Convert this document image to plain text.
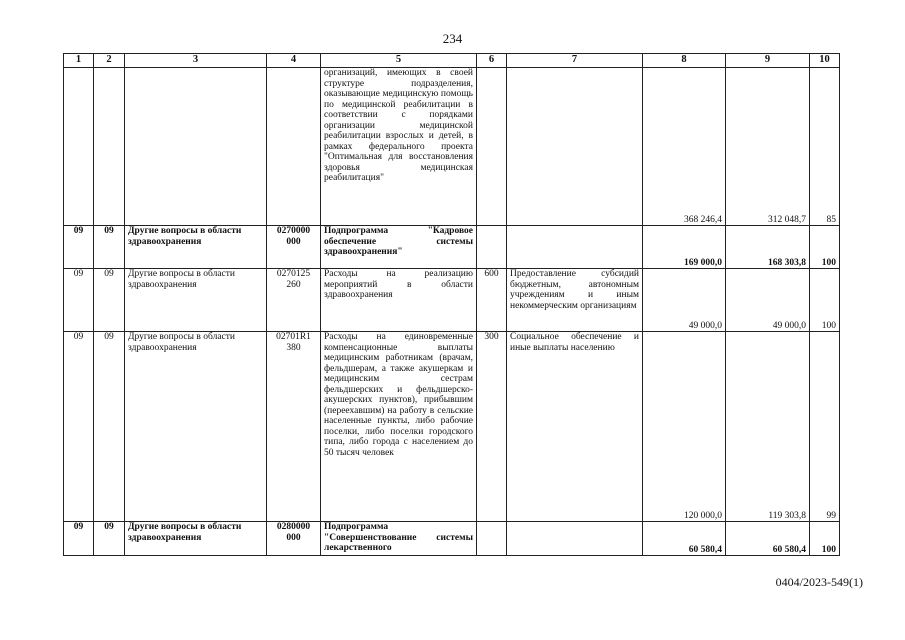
234
1	2	3	4	5	6	7	8	9	10
				организаций, имеющих в своей структуре подразделения, оказывающие медицинскую помощь по медицинской реабилитации в соответствии с порядками организации медицинской реабилитации взрослых и детей, в рамках федерального проекта "Оптимальная для восстановления здоровья медицинская реабилитация"			368 246,4	312 048,7	85
09	09	Другие вопросы в области здравоохранения	0270000 000	Подпрограмма "Кадровое обеспечение системы здравоохранения"			169 000,0	168 303,8	100
09	09	Другие вопросы в области здравоохранения	0270125 260	Расходы на реализацию мероприятий в области здравоохранения	600	Предоставление субсидий бюджетным, автономным учреждениям и иным некоммерческим организациям	49 000,0	49 000,0	100
09	09	Другие вопросы в области здравоохранения	02701R1 380	Расходы на единовременные компенсационные выплаты медицинским работникам (врачам, фельдшерам, а также акушеркам и медицинским сестрам фельдшерских и фельдшерско-акушерских пунктов), прибывшим (переехавшим) на работу в сельские населенные пункты, либо рабочие поселки, либо поселки городского типа, либо города с населением до 50 тысяч человек	300	Социальное обеспечение и иные выплаты населению	120 000,0	119 303,8	99
09	09	Другие вопросы в области здравоохранения	0280000 000	Подпрограмма "Совершенствование системы лекарственного			60 580,4	60 580,4	100
0404/2023-549(1)
